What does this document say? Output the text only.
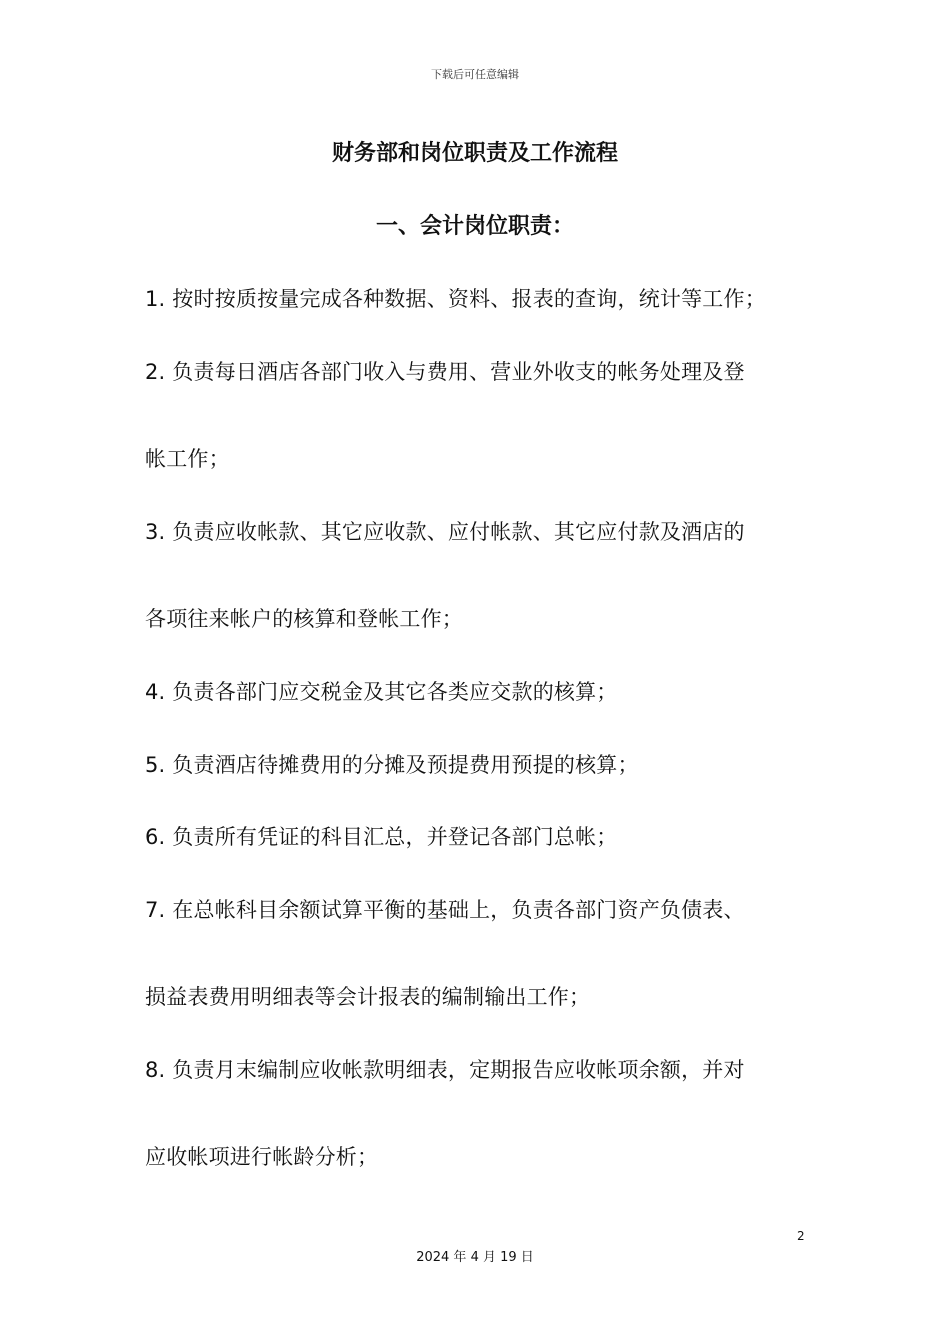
下载后可任意编辑
财务部和岗位职责及工作流程
一、会计岗位职责：
1. 按时按质按量完成各种数据、资料、报表的查询，统计等工作；
2. 负责每日酒店各部门收入与费用、营业外收支的帐务处理及登
帐工作；
3. 负责应收帐款、其它应收款、应付帐款、其它应付款及酒店的
各项往来帐户的核算和登帐工作；
4. 负责各部门应交税金及其它各类应交款的核算；
5. 负责酒店待摊费用的分摊及预提费用预提的核算；
6. 负责所有凭证的科目汇总，并登记各部门总帐；
7. 在总帐科目余额试算平衡的基础上，负责各部门资产负债表、
损益表费用明细表等会计报表的编制输出工作；
8. 负责月末编制应收帐款明细表，定期报告应收帐项余额，并对
应收帐项进行帐龄分析；
2
2024 年 4 月 19 日
